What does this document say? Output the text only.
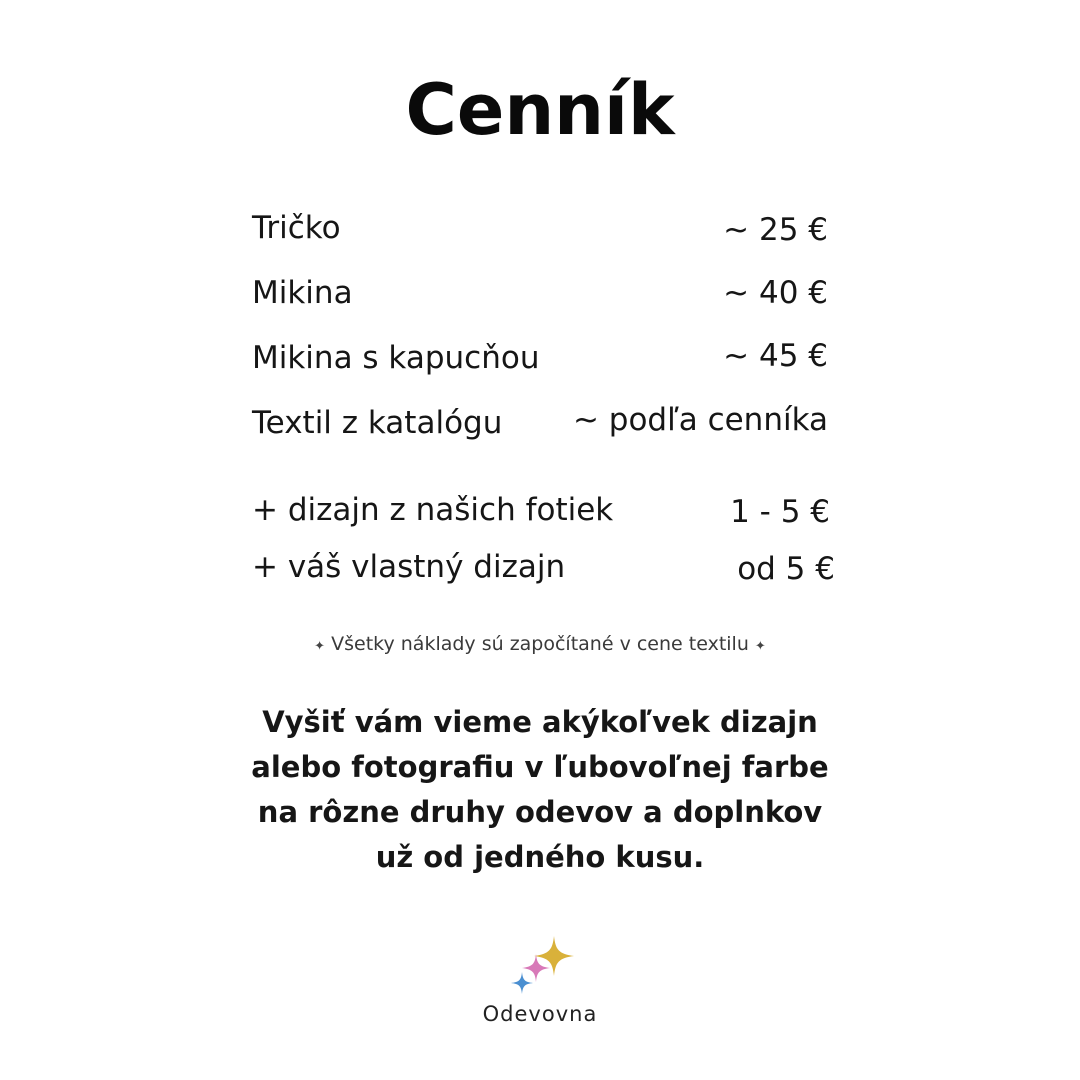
Cenník
Tričko	~ 25 €
Mikina	~ 40 €
Mikina s kapucňou	~ 45 €
Textil z katalógu ~ podľa cenníka
+ dizajn z našich fotiek	1 - 5 €
+ váš vlastný dizajn	od 5 €
✦ Všetky náklady sú započítané v cene textilu ✦
Vyšiť vám vieme akýkoľvek dizajn
alebo fotografiu v ľubovoľnej farbe
na rôzne druhy odevov a doplnkov
už od jedného kusu.
Odevovna
